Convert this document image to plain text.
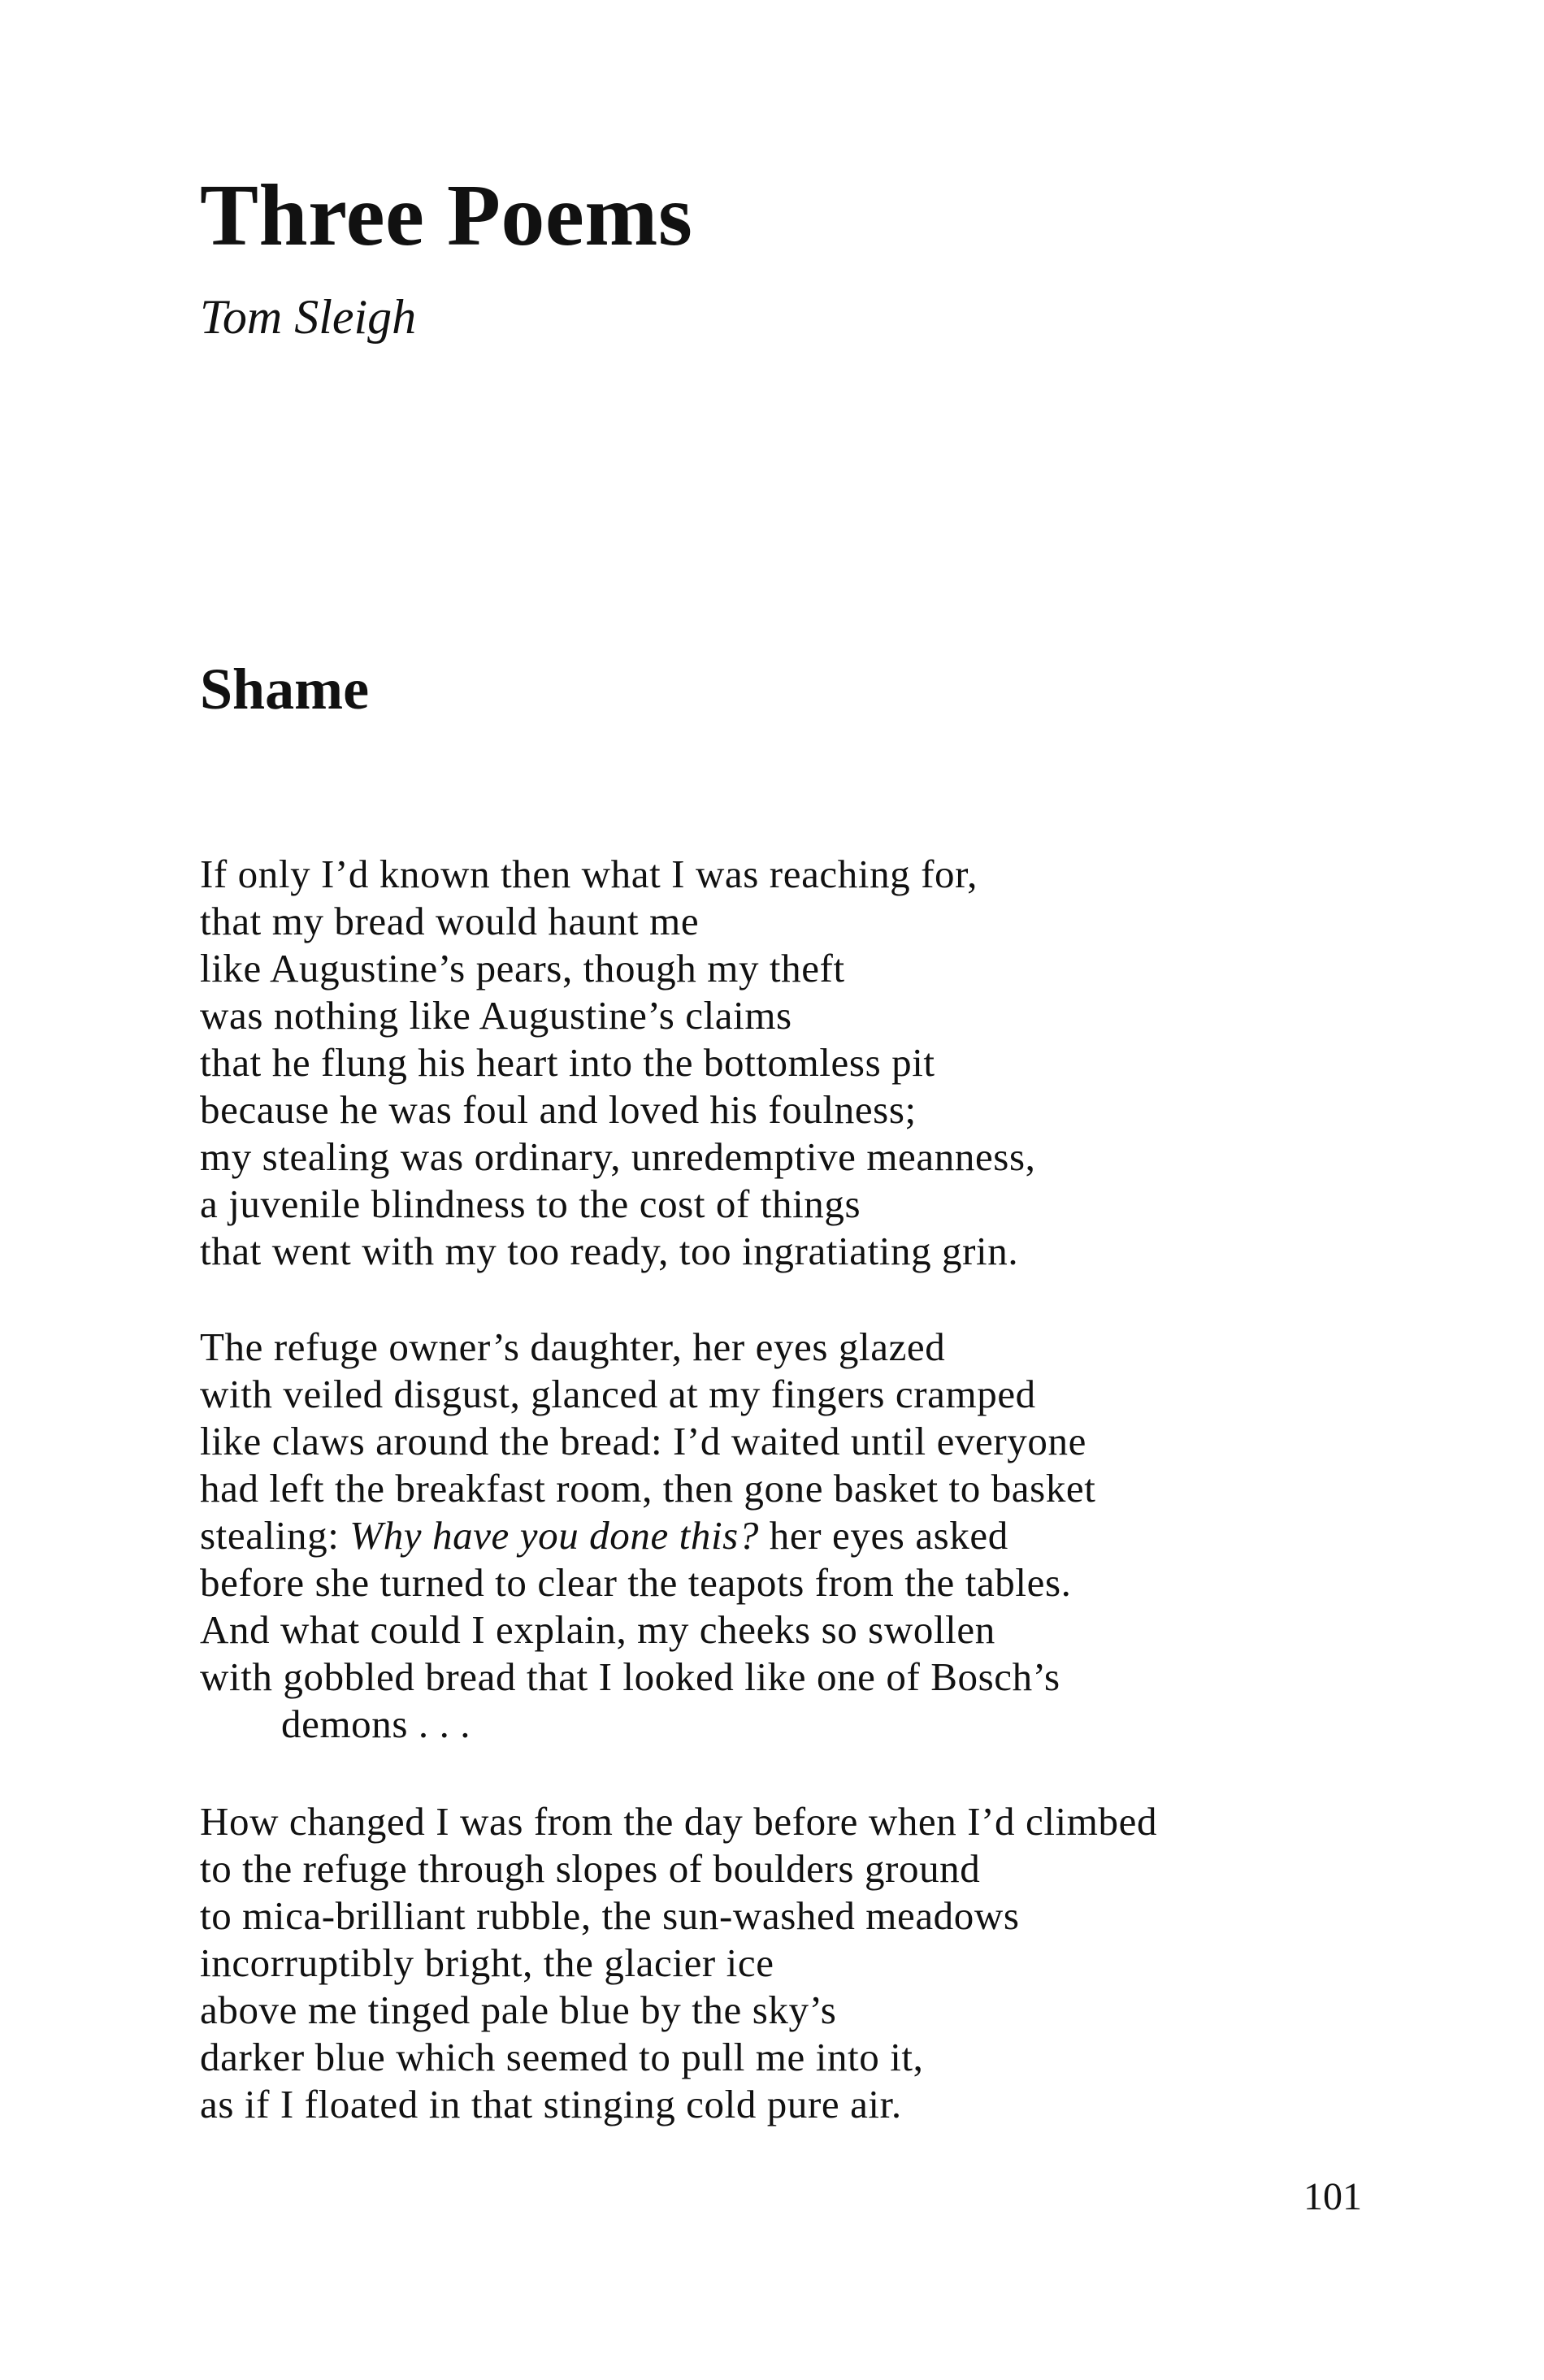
Three Poems
Tom Sleigh
Shame
If only I’d known then what I was reaching for,
that my bread would haunt me
like Augustine’s pears, though my theft
was nothing like Augustine’s claims
that he flung his heart into the bottomless pit
because he was foul and loved his foulness;
my stealing was ordinary, unredemptive meanness,
a juvenile blindness to the cost of things
that went with my too ready, too ingratiating grin.
The refuge owner’s daughter, her eyes glazed
with veiled disgust, glanced at my fingers cramped
like claws around the bread: I’d waited until everyone
had left the breakfast room, then gone basket to basket
stealing: Why have you done this? her eyes asked
before she turned to clear the teapots from the tables.
And what could I explain, my cheeks so swollen
with gobbled bread that I looked like one of Bosch’s
demons . . .
How changed I was from the day before when I’d climbed
to the refuge through slopes of boulders ground
to mica-brilliant rubble, the sun-washed meadows
incorruptibly bright, the glacier ice
above me tinged pale blue by the sky’s
darker blue which seemed to pull me into it,
as if I floated in that stinging cold pure air.
101
